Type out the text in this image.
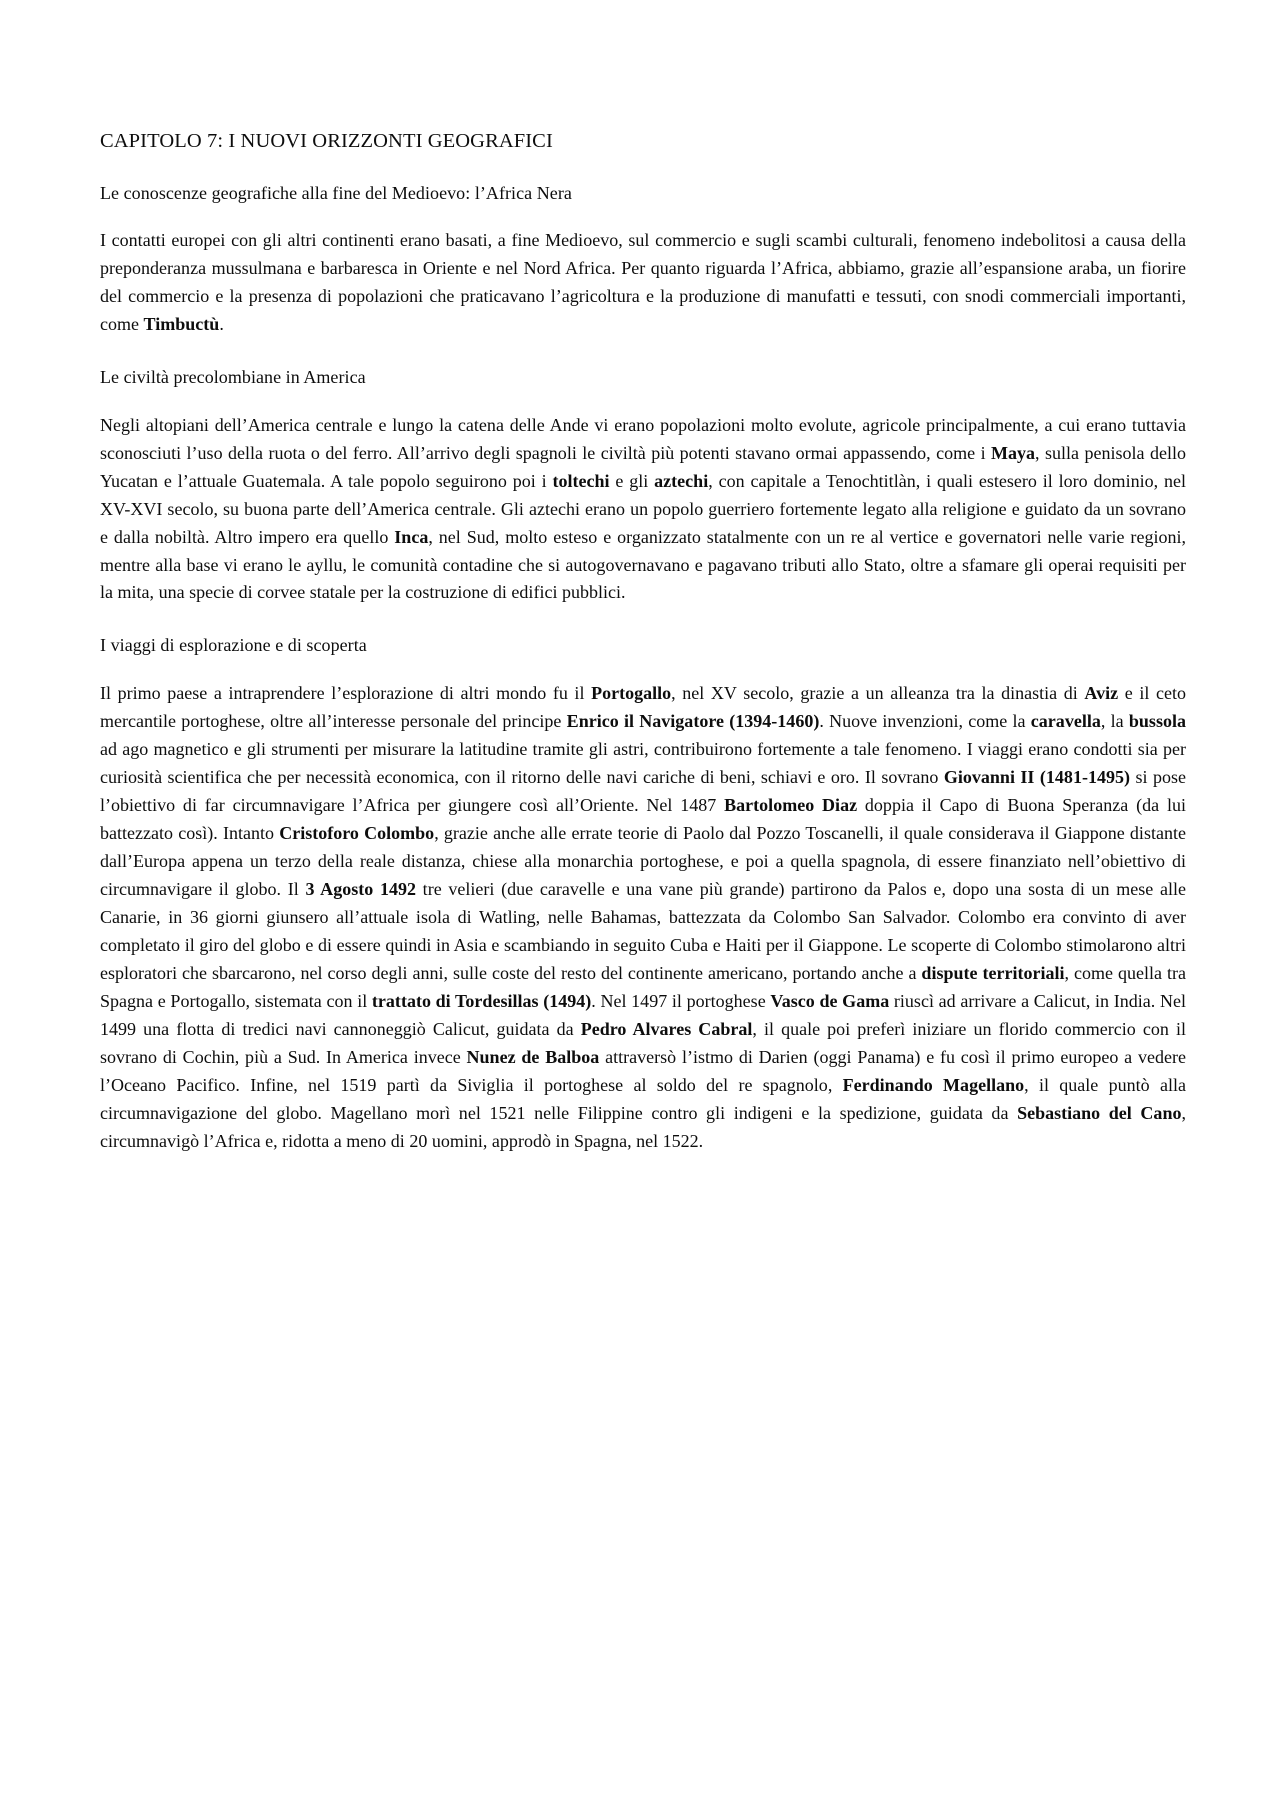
CAPITOLO 7: I NUOVI ORIZZONTI GEOGRAFICI
Le conoscenze geografiche alla fine del Medioevo: l’Africa Nera

I contatti europei con gli altri continenti erano basati, a fine Medioevo, sul commercio e sugli scambi culturali, fenomeno indebolitosi a causa della preponderanza mussulmana e barbaresca in Oriente e nel Nord Africa. Per quanto riguarda l’Africa, abbiamo, grazie all’espansione araba, un fiorire del commercio e la presenza di popolazioni che praticavano l’agricoltura e la produzione di manufatti e tessuti, con snodi commerciali importanti, come Timbuctù.

Le civiltà precolombiane in America

Negli altopiani dell’America centrale e lungo la catena delle Ande vi erano popolazioni molto evolute, agricole principalmente, a cui erano tuttavia sconosciuti l’uso della ruota o del ferro. All’arrivo degli spagnoli le civiltà più potenti stavano ormai appassendo, come i Maya, sulla penisola dello Yucatan e l’attuale Guatemala. A tale popolo seguirono poi i toltechi e gli aztechi, con capitale a Tenochtitlàn, i quali estesero il loro dominio, nel XV-XVI secolo, su buona parte dell’America centrale. Gli aztechi erano un popolo guerriero fortemente legato alla religione e guidato da un sovrano e dalla nobiltà. Altro impero era quello Inca, nel Sud, molto esteso e organizzato statalmente con un re al vertice e governatori nelle varie regioni, mentre alla base vi erano le ayllu, le comunità contadine che si autogovernavano e pagavano tributi allo Stato, oltre a sfamare gli operai requisiti per la mita, una specie di corvee statale per la costruzione di edifici pubblici.

I viaggi di esplorazione e di scoperta

Il primo paese a intraprendere l’esplorazione di altri mondo fu il Portogallo, nel XV secolo, grazie a un alleanza tra la dinastia di Aviz e il ceto mercantile portoghese, oltre all’interesse personale del principe Enrico il Navigatore (1394-1460). Nuove invenzioni, come la caravella, la bussola ad ago magnetico e gli strumenti per misurare la latitudine tramite gli astri, contribuirono fortemente a tale fenomeno. I viaggi erano condotti sia per curiosità scientifica che per necessità economica, con il ritorno delle navi cariche di beni, schiavi e oro. Il sovrano Giovanni II (1481-1495) si pose l’obiettivo di far circumnavigare l’Africa per giungere così all’Oriente. Nel 1487 Bartolomeo Diaz doppia il Capo di Buona Speranza (da lui battezzato così). Intanto Cristoforo Colombo, grazie anche alle errate teorie di Paolo dal Pozzo Toscanelli, il quale considerava il Giappone distante dall’Europa appena un terzo della reale distanza, chiese alla monarchia portoghese, e poi a quella spagnola, di essere finanziato nell’obiettivo di circumnavigare il globo. Il 3 Agosto 1492 tre velieri (due caravelle e una vane più grande) partirono da Palos e, dopo una sosta di un mese alle Canarie, in 36 giorni giunsero all’attuale isola di Watling, nelle Bahamas, battezzata da Colombo San Salvador. Colombo era convinto di aver completato il giro del globo e di essere quindi in Asia e scambiando in seguito Cuba e Haiti per il Giappone. Le scoperte di Colombo stimolarono altri esploratori che sbarcarono, nel corso degli anni, sulle coste del resto del continente americano, portando anche a dispute territoriali, come quella tra Spagna e Portogallo, sistemata con il trattato di Tordesillas (1494). Nel 1497 il portoghese Vasco de Gama riuscì ad arrivare a Calicut, in India. Nel 1499 una flotta di tredici navi cannoneggiò Calicut, guidata da Pedro Alvares Cabral, il quale poi preferì iniziare un florido commercio con il sovrano di Cochin, più a Sud. In America invece Nunez de Balboa attraversò l’istmo di Darien (oggi Panama) e fu così il primo europeo a vedere l’Oceano Pacifico. Infine, nel 1519 partì da Siviglia il portoghese al soldo del re spagnolo, Ferdinando Magellano, il quale puntò alla circumnavigazione del globo. Magellano morì nel 1521 nelle Filippine contro gli indigeni e la spedizione, guidata da Sebastiano del Cano, circumnavigò l’Africa e, ridotta a meno di 20 uomini, approdò in Spagna, nel 1522.
